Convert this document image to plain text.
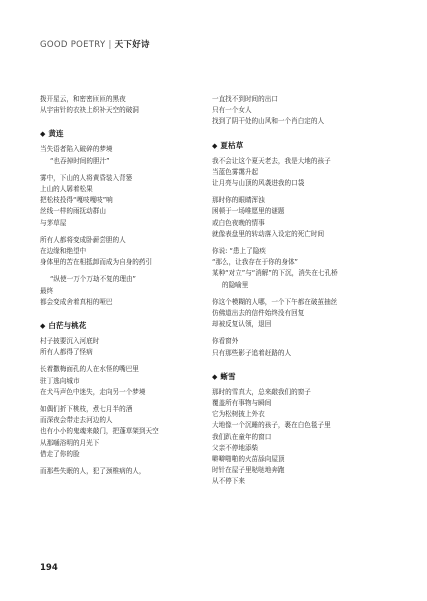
GOOD POETRY | 天下好诗
拨开星云，和密密匝匝的黑夜
从宇宙针的衣袂上织补天空的破洞
◆ 黄连
当失语者陷入破碎的梦境
“也吞掉时间的胆汁”
雾中，下山的人将黄昏装入背篓
上山的人孱着松果
把松枝投得“嘎吱嘎吱”响
丝线一样的雨抚动群山
与茅草屋
所有人都将变成卧薪尝胆的人
在边缘和绝望中
身体里的苦在相抵卸而成为自身的药引
“纵使一万个万劫不复的理由”
最终
都会变成舍着真相的哑巴
◆ 白茫与桃花
村子披要沉入河底时
所有人都得了怪病
长着撒梅面孔的人在水怪的嘴巴里
驻丁逃向城市
在犬马声色中迷失，走向另一个梦境
如偶们折下桃枝，煮七月半的酒
而深夜会带走去河边的人
也有小小的鬼魂来敲门，把蓬草架到天空
从那嗵浴明的月光下
借走了你的脸
而那些失眠的人，犯了颈椎病的人，
一直找不到时间的出口
只有一个女人
找到了阴干处的山风和一个肖白定的人
◆ 夏枯草
我不会让这个夏天老去，我是大地的孩子
当蓝色雾霭升起
让月亮与山顶的风袭进我的口袋
那时你的眼睛浑浊
困顿于一场唯愿里的谜题
或白色夜晚的情事
就像表盘里的转动落入设定的死亡时间
你说: “患上了隐疾
“那么，让我存在于你的身体”
某种“对立”与“消解”的下沉，消失在七孔桥
的隐喻里
你这个模糊的人哪，一个下午都在破茧抽丝
仿佛道出去的信件始终没有回复
却被反复认领，退回
你看窗外
只有那些影子追着赶路的人
◆ 蜥雪
那时的雪真大，总来敲我们的窗子
覆盖所有事物与瞬间
它为松树披上外衣
大地像一个沉睡的孩子，裹在白色毯子里
我们趴在童年的窗口
父亲不停地添柴
噼噼啪啪的火苗舔向屋顶
时针在屋子里哒哒地奔跑
从不停下来
194
